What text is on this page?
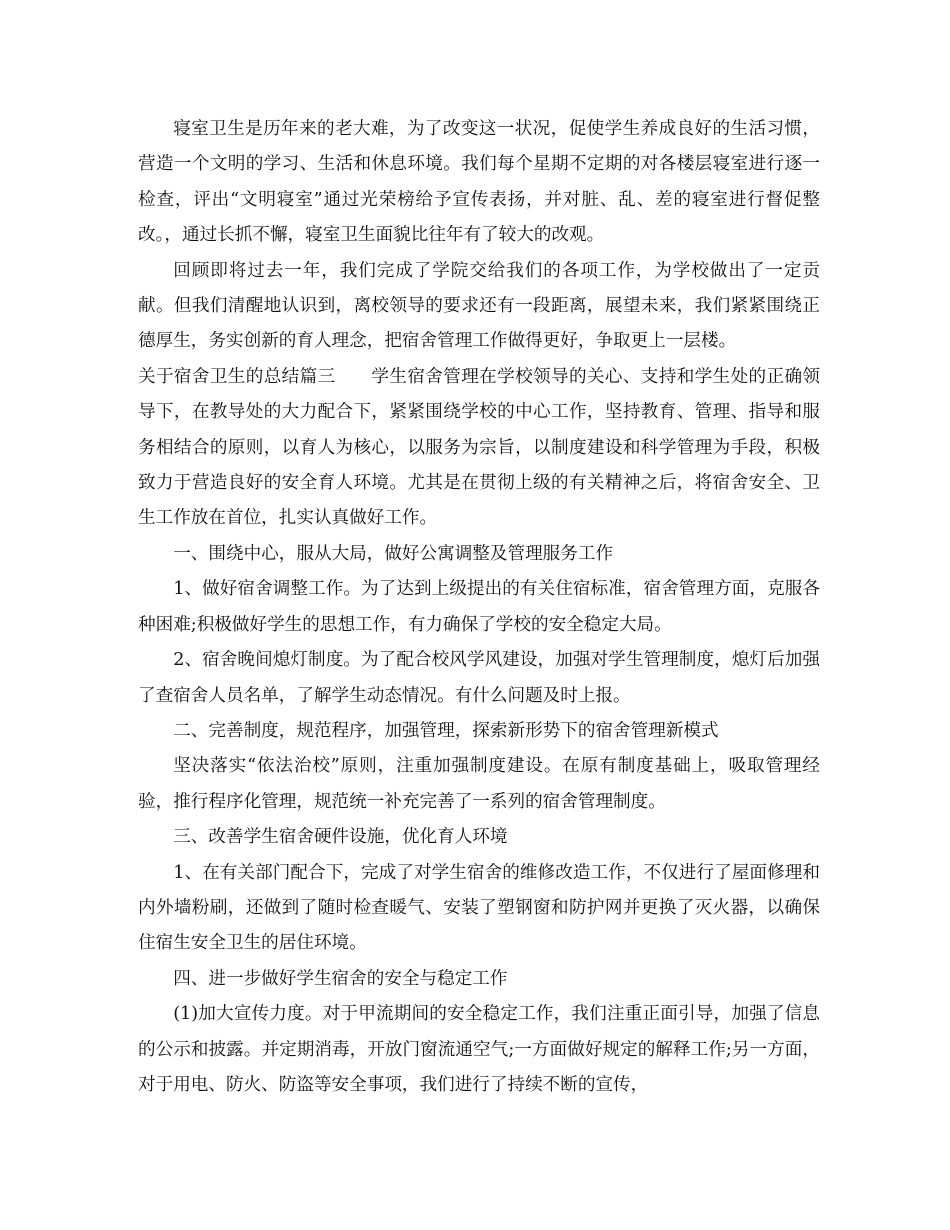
寝室卫生是历年来的老大难，为了改变这一状况，促使学生养成良好的生活习惯，营造一个文明的学习、生活和休息环境。我们每个星期不定期的对各楼层寝室进行逐一检查，评出“文明寝室”通过光荣榜给予宣传表扬，并对脏、乱、差的寝室进行督促整改。，通过长抓不懈，寝室卫生面貌比往年有了较大的改观。

回顾即将过去一年，我们完成了学院交给我们的各项工作，为学校做出了一定贡献。但我们清醒地认识到，离校领导的要求还有一段距离，展望未来，我们紧紧围绕正德厚生，务实创新的育人理念，把宿舍管理工作做得更好，争取更上一层楼。

关于宿舍卫生的总结篇三　　学生宿舍管理在学校领导的关心、支持和学生处的正确领导下，在教导处的大力配合下，紧紧围绕学校的中心工作，坚持教育、管理、指导和服务相结合的原则，以育人为核心，以服务为宗旨，以制度建设和科学管理为手段，积极致力于营造良好的安全育人环境。尤其是在贯彻上级的有关精神之后，将宿舍安全、卫生工作放在首位，扎实认真做好工作。

一、围绕中心，服从大局，做好公寓调整及管理服务工作

1、做好宿舍调整工作。为了达到上级提出的有关住宿标准，宿舍管理方面，克服各种困难;积极做好学生的思想工作，有力确保了学校的安全稳定大局。

2、宿舍晚间熄灯制度。为了配合校风学风建设，加强对学生管理制度，熄灯后加强了查宿舍人员名单，了解学生动态情况。有什么问题及时上报。

二、完善制度，规范程序，加强管理，探索新形势下的宿舍管理新模式

坚决落实“依法治校”原则，注重加强制度建设。在原有制度基础上，吸取管理经验，推行程序化管理，规范统一补充完善了一系列的宿舍管理制度。

三、改善学生宿舍硬件设施，优化育人环境

1、在有关部门配合下，完成了对学生宿舍的维修改造工作，不仅进行了屋面修理和内外墙粉刷，还做到了随时检查暖气、安装了塑钢窗和防护网并更换了灭火器，以确保住宿生安全卫生的居住环境。

四、进一步做好学生宿舍的安全与稳定工作

(1)加大宣传力度。对于甲流期间的安全稳定工作，我们注重正面引导，加强了信息的公示和披露。并定期消毒，开放门窗流通空气;一方面做好规定的解释工作;另一方面，对于用电、防火、防盗等安全事项，我们进行了持续不断的宣传，
